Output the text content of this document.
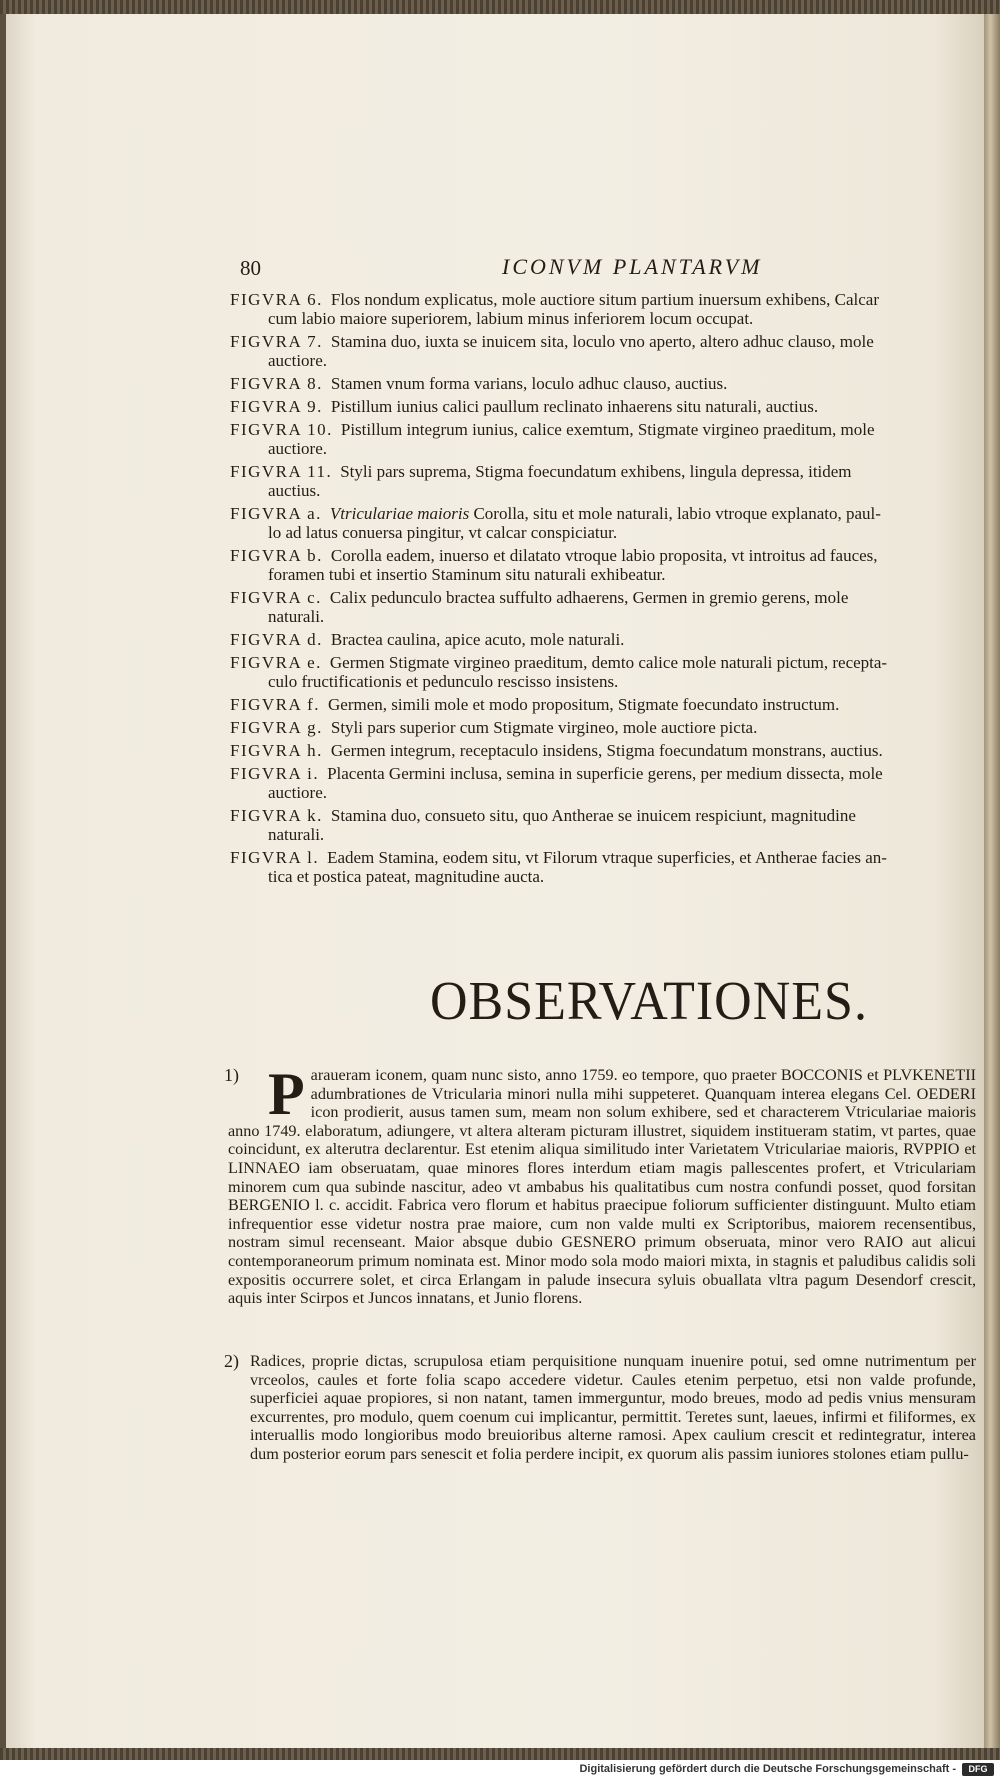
80	ICONVM PLANTARVM
FIGVRA 6. Flos nondum explicatus, mole auctiore situm partium inuersum exhibens, Calcar
cum labio maiore superiorem, labium minus inferiorem locum occupat.
FIGVRA 7. Stamina duo, iuxta se inuicem sita, loculo vno aperto, altero adhuc clauso, mole
auctiore.
FIGVRA 8. Stamen vnum forma varians, loculo adhuc clauso, auctius.
FIGVRA 9. Pistillum iunius calici paullum reclinato inhaerens situ naturali, auctius.
FIGVRA 10. Pistillum integrum iunius, calice exemtum, Stigmate virgineo praeditum, mole
auctiore.
FIGVRA 11. Styli pars suprema, Stigma foecundatum exhibens, lingula depressa, itidem
auctius.
FIGVRA a. Vtriculariae maioris Corolla, situ et mole naturali, labio vtroque explanato, paul-
lo ad latus conuersa pingitur, vt calcar conspiciatur.
FIGVRA b. Corolla eadem, inuerso et dilatato vtroque labio proposita, vt introitus ad fauces,
foramen tubi et insertio Staminum situ naturali exhibeatur.
FIGVRA c. Calix pedunculo bractea suffulto adhaerens, Germen in gremio gerens, mole
naturali.
FIGVRA d. Bractea caulina, apice acuto, mole naturali.
FIGVRA e. Germen Stigmate virgineo praeditum, demto calice mole naturali pictum, recepta-
culo fructificationis et pedunculo rescisso insistens.
FIGVRA f. Germen, simili mole et modo propositum, Stigmate foecundato instructum.
FIGVRA g. Styli pars superior cum Stigmate virgineo, mole auctiore picta.
FIGVRA h. Germen integrum, receptaculo insidens, Stigma foecundatum monstrans, auctius.
FIGVRA i. Placenta Germini inclusa, semina in superficie gerens, per medium dissecta, mole
auctiore.
FIGVRA k. Stamina duo, consueto situ, quo Antherae se inuicem respiciunt, magnitudine
naturali.
FIGVRA l. Eadem Stamina, eodem situ, vt Filorum vtraque superficies, et Antherae facies an-
tica et postica pateat, magnitudine aucta.
OBSERVATIONES.
1) P araueram iconem, quam nunc sisto, anno 1759. eo tempore, quo praeter BOCCONIS et PLVKENETII adumbrationes de Vtricularia minori nulla mihi suppeteret. Quanquam interea elegans Cel. OEDERI icon prodierit, ausus tamen sum, meam non solum exhibere, sed et characterem Vtriculariae maioris anno 1749. elaboratum, adiungere, vt altera alteram picturam illustret, siquidem institueram statim, vt partes, quae coincidunt, ex alterutra declarentur. Est etenim aliqua similitudo inter Varietatem Vtriculariae maioris, RVPPIO et LINNAEO iam obseruatam, quae minores flores interdum etiam magis pallescentes profert, et Vtriculariam minorem cum qua subinde nascitur, adeo vt ambabus his qualitatibus cum nostra confundi posset, quod forsitan BERGENIO l. c. accidit. Fabrica vero florum et habitus praecipue foliorum sufficienter distinguunt. Multo etiam infrequentior esse videtur nostra prae maiore, cum non valde multi ex Scriptoribus, maiorem recensentibus, nostram simul recenseant. Maior absque dubio GESNERO primum obseruata, minor vero RAIO aut alicui contemporaneorum primum nominata est. Minor modo sola modo maiori mixta, in stagnis et paludibus calidis soli expositis occurrere solet, et circa Erlangam in palude insecura syluis obuallata vltra pagum Desendorf crescit, aquis inter Scirpos et Juncos innatans, et Junio florens.
2) Radices, proprie dictas, scrupulosa etiam perquisitione nunquam inuenire potui, sed omne nutrimentum per vrceolos, caules et forte folia scapo accedere videtur. Caules etenim perpetuo, etsi non valde profunde, superficiei aquae propiores, si non natant, tamen immerguntur, modo breues, modo ad pedis vnius mensuram excurrentes, pro modulo, quem coenum cui implicantur, permittit. Teretes sunt, laeues, infirmi et filiformes, ex interuallis modo longioribus modo breuioribus alterne ramosi. Apex caulium crescit et redintegratur, interea dum posterior eorum pars senescit et folia perdere incipit, ex quorum alis passim iuniores stolones etiam pullu-
Digitalisierung gefördert durch die Deutsche Forschungsgemeinschaft -	DFG
